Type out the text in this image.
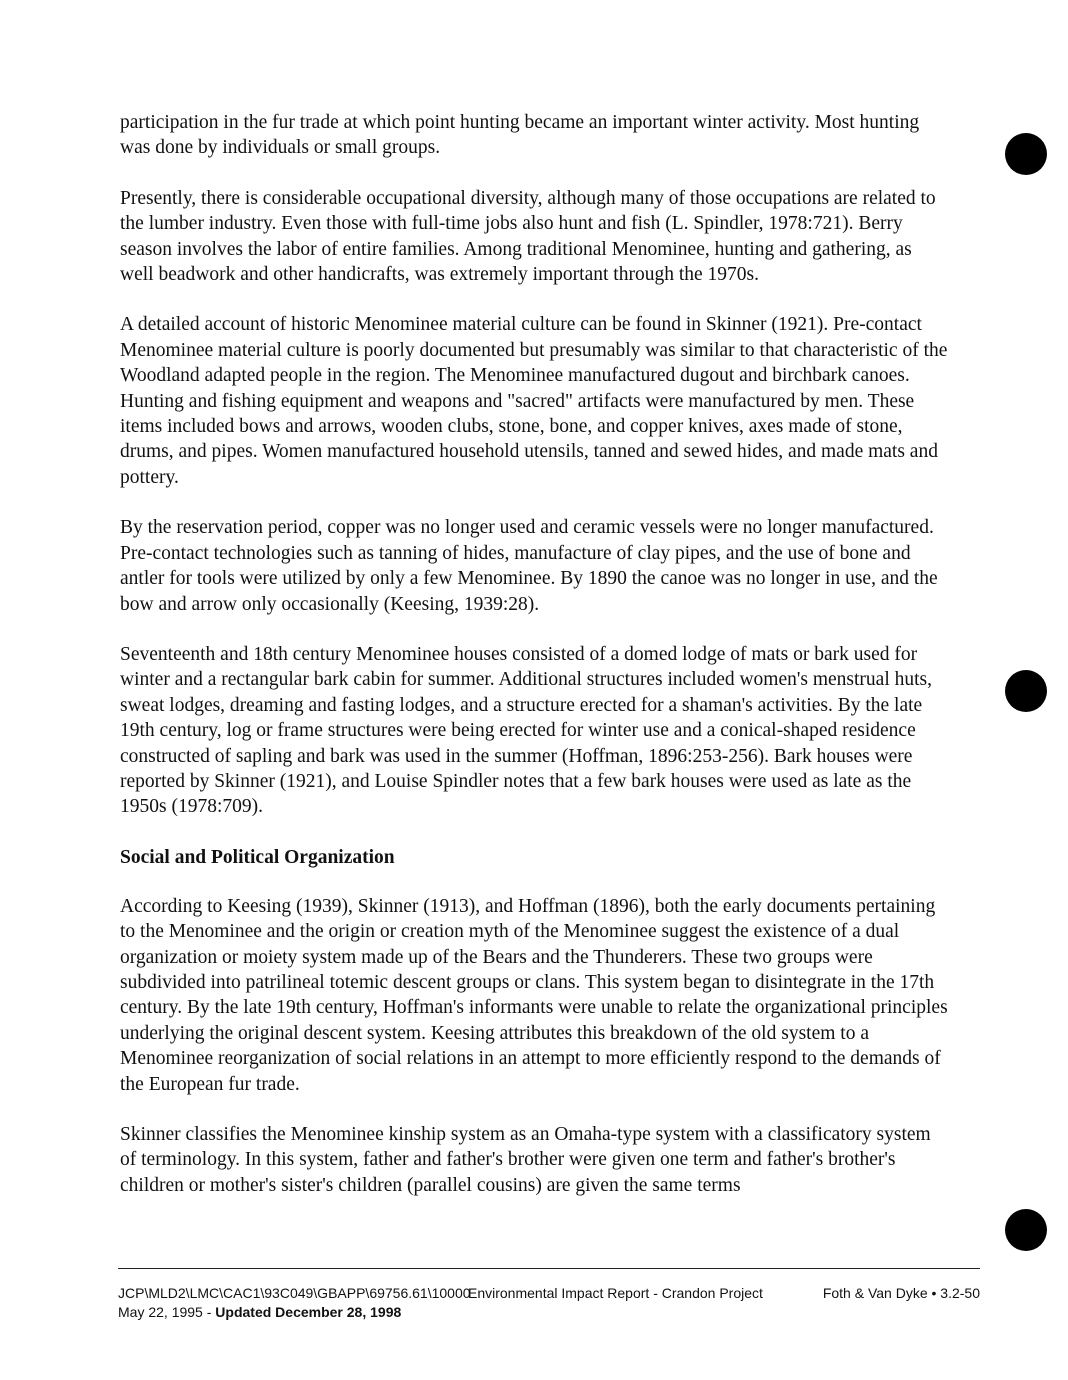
participation in the fur trade at which point hunting became an important winter activity. Most hunting was done by individuals or small groups.

Presently, there is considerable occupational diversity, although many of those occupations are related to the lumber industry. Even those with full-time jobs also hunt and fish (L. Spindler, 1978:721). Berry season involves the labor of entire families. Among traditional Menominee, hunting and gathering, as well beadwork and other handicrafts, was extremely important through the 1970s.

A detailed account of historic Menominee material culture can be found in Skinner (1921). Pre-contact Menominee material culture is poorly documented but presumably was similar to that characteristic of the Woodland adapted people in the region. The Menominee manufactured dugout and birchbark canoes. Hunting and fishing equipment and weapons and "sacred" artifacts were manufactured by men. These items included bows and arrows, wooden clubs, stone, bone, and copper knives, axes made of stone, drums, and pipes. Women manufactured household utensils, tanned and sewed hides, and made mats and pottery.

By the reservation period, copper was no longer used and ceramic vessels were no longer manufactured. Pre-contact technologies such as tanning of hides, manufacture of clay pipes, and the use of bone and antler for tools were utilized by only a few Menominee. By 1890 the canoe was no longer in use, and the bow and arrow only occasionally (Keesing, 1939:28).

Seventeenth and 18th century Menominee houses consisted of a domed lodge of mats or bark used for winter and a rectangular bark cabin for summer. Additional structures included women's menstrual huts, sweat lodges, dreaming and fasting lodges, and a structure erected for a shaman's activities. By the late 19th century, log or frame structures were being erected for winter use and a conical-shaped residence constructed of sapling and bark was used in the summer (Hoffman, 1896:253-256). Bark houses were reported by Skinner (1921), and Louise Spindler notes that a few bark houses were used as late as the 1950s (1978:709).

Social and Political Organization

According to Keesing (1939), Skinner (1913), and Hoffman (1896), both the early documents pertaining to the Menominee and the origin or creation myth of the Menominee suggest the existence of a dual organization or moiety system made up of the Bears and the Thunderers. These two groups were subdivided into patrilineal totemic descent groups or clans. This system began to disintegrate in the 17th century. By the late 19th century, Hoffman's informants were unable to relate the organizational principles underlying the original descent system. Keesing attributes this breakdown of the old system to a Menominee reorganization of social relations in an attempt to more efficiently respond to the demands of the European fur trade.

Skinner classifies the Menominee kinship system as an Omaha-type system with a classificatory system of terminology. In this system, father and father's brother were given one term and father's brother's children or mother's sister's children (parallel cousins) are given the same terms

JCP\MLD2\LMC\CAC1\93C049\GBAPP\69756.61\10000
May 22, 1995 - Updated December 28, 1998
Environmental Impact Report - Crandon Project	Foth & Van Dyke • 3.2-50
